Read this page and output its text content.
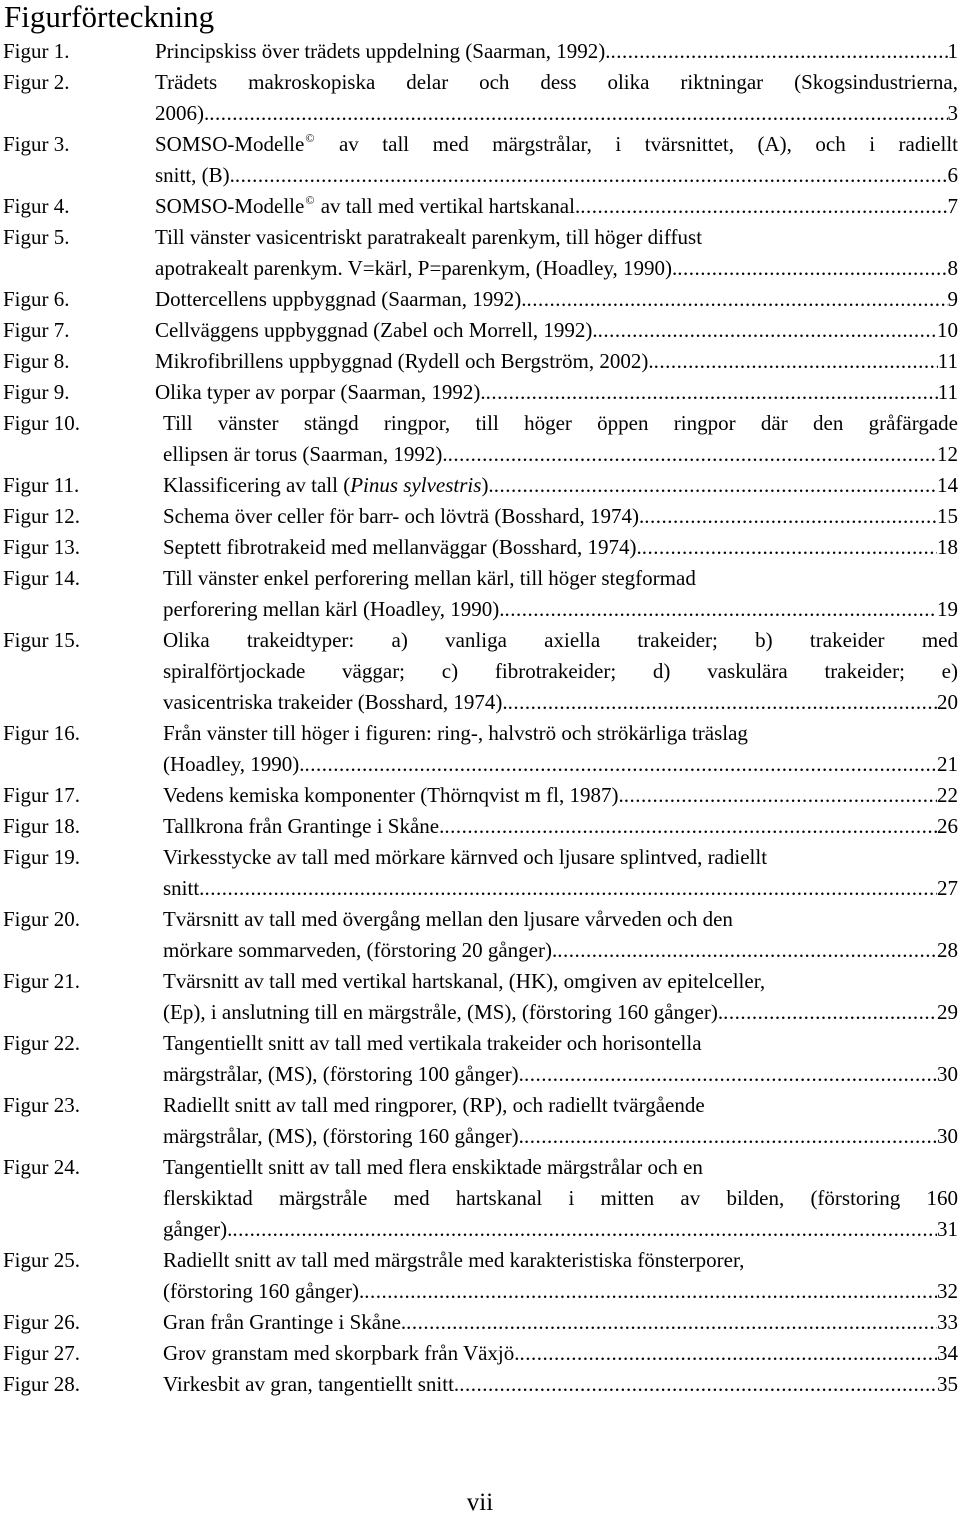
Figurförteckning
Figur 1.	Principskiss över trädets uppdelning (Saarman, 1992). .....	1
Figur 2.	Trädets makroskopiska delar och dess olika riktningar (Skogsindustrierna,
2006). .....	3
Figur 3.	SOMSO-Modelle© av tall med märgstrålar, i tvärsnittet, (A), och i radiellt
snitt, (B). .....	6
Figur 4.	SOMSO-Modelle© av tall med vertikal hartskanal. .....	7
Figur 5.	Till vänster vasicentriskt paratrakealt parenkym, till höger diffust
apotrakealt parenkym. V=kärl, P=parenkym, (Hoadley, 1990). .....	8
Figur 6.	Dottercellens uppbyggnad (Saarman, 1992). .....	9
Figur 7.	Cellväggens uppbyggnad (Zabel och Morrell, 1992). .....	10
Figur 8.	Mikrofibrillens uppbyggnad (Rydell och Bergström, 2002). .....	11
Figur 9.	Olika typer av porpar (Saarman, 1992). .....	11
Figur 10.	Till vänster stängd ringpor, till höger öppen ringpor där den gråfärgade
ellipsen är torus (Saarman, 1992). .....	12
Figur 11.	Klassificering av tall (Pinus sylvestris). .....	14
Figur 12.	Schema över celler för barr- och lövträ (Bosshard, 1974). .....	15
Figur 13.	Septett fibrotrakeid med mellanväggar (Bosshard, 1974). .....	18
Figur 14.	Till vänster enkel perforering mellan kärl, till höger stegformad
perforering mellan kärl (Hoadley, 1990). .....	19
Figur 15.	Olika trakeidtyper: a) vanliga axiella trakeider; b) trakeider med
spiralförtjockade väggar; c) fibrotrakeider; d) vaskulära trakeider; e)
vasicentriska trakeider (Bosshard, 1974). .....	20
Figur 16.	Från vänster till höger i figuren: ring-, halvströ och strökärliga träslag
(Hoadley, 1990). .....	21
Figur 17.	Vedens kemiska komponenter (Thörnqvist m fl, 1987). .....	22
Figur 18.	Tallkrona från Grantinge i Skåne. .....	26
Figur 19.	Virkesstycke av tall med mörkare kärnved och ljusare splintved, radiellt
snitt. .....	27
Figur 20.	Tvärsnitt av tall med övergång mellan den ljusare vårveden och den
mörkare sommarveden, (förstoring 20 gånger). .....	28
Figur 21.	Tvärsnitt av tall med vertikal hartskanal, (HK), omgiven av epitelceller,
(Ep), i anslutning till en märgstråle, (MS), (förstoring 160 gånger). .....	29
Figur 22.	Tangentiellt snitt av tall med vertikala trakeider och horisontella
märgstrålar, (MS), (förstoring 100 gånger). .....	30
Figur 23.	Radiellt snitt av tall med ringporer, (RP), och radiellt tvärgående
märgstrålar, (MS), (förstoring 160 gånger). .....	30
Figur 24.	Tangentiellt snitt av tall med flera enskiktade märgstrålar och en
flerskiktad märgstråle med hartskanal i mitten av bilden, (förstoring 160
gånger). .....	31
Figur 25.	Radiellt snitt av tall med märgstråle med karakteristiska fönsterporer,
(förstoring 160 gånger). .....	32
Figur 26.	Gran från Grantinge i Skåne. .....	33
Figur 27.	Grov granstam med skorpbark från Växjö. .....	34
Figur 28.	Virkesbit av gran, tangentiellt snitt. .....	35
vii
